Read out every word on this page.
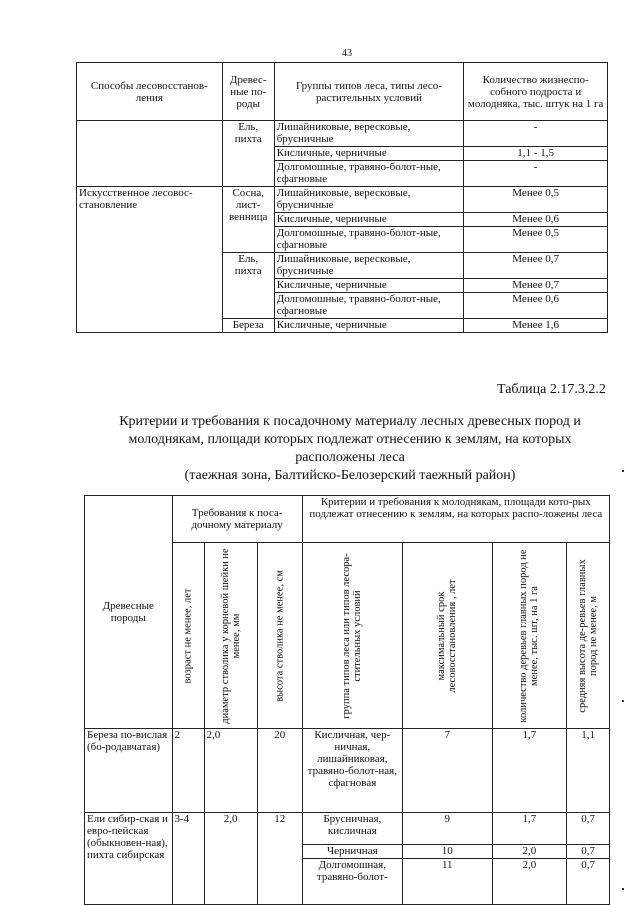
43
Способы лесовосстанов-ления	Древес-ные по-роды	Группы типов леса, типы лесо-растительных условий	Количество жизнеспо-собного подроста и молодняка, тыс. штук на 1 га
	Ель, пихта	Лишайниковые, вересковые, брусничные	-
		Кисличные, черничные	1,1 - 1,5
		Долгомошные, травяно-болот-ные, сфагновые	-
Искусственное лесовос-становление	Сосна, лист-венница	Лишайниковые, вересковые, брусничные	Менее 0,5
		Кисличные, черничные	Менее 0,6
		Долгомошные, травяно-болот-ные, сфагновые	Менее 0,5
	Ель, пихта	Лишайниковые, вересковые, брусничные	Менее 0,7
		Кисличные, черничные	Менее 0,7
		Долгомошные, травяно-болот-ные, сфагновые	Менее 0,6
	Береза	Кисличные, черничные	Менее 1,6
Таблица 2.17.3.2.2
Критерии и требования к посадочному материалу лесных древесных пород и
молоднякам, площади которых подлежат отнесению к землям, на которых
расположены леса
(таежная зона, Балтийско-Белозерский таежный район)
Древесные породы	Требования к поса-дочному материалу			Критерии и требования к молоднякам, площади кото-рых подлежат отнесению к землям, на которых распо-ложены леса			

	возраст не менее, лет	диаметр стволика у корневой шейки не менее, мм	высота стволика не менее, см	группа типов леса или типов лесора-стительных условий	максимальный срок лесовосстановления , лет	количество деревьев главных пород не менее, тыс. шт, на 1 га	средняя высота де-ревьев главных пород не менее, м

Береза по-вислая (бо-родавчатая)	2	2,0	20	Кисличная, чер-ничная, лишайниковая, травяно-болот-ная, сфагновая	7	1,7	1,1
Ели сибир-ская и евро-пейская (обыкновен-ная), пихта сибирская	3-4	2,0	12	Брусничная, кисличная	9	1,7	0,7
				Черничная	10	2,0	0,7
				Долгомошная, травяно-болот-	11	2,0	0,7
